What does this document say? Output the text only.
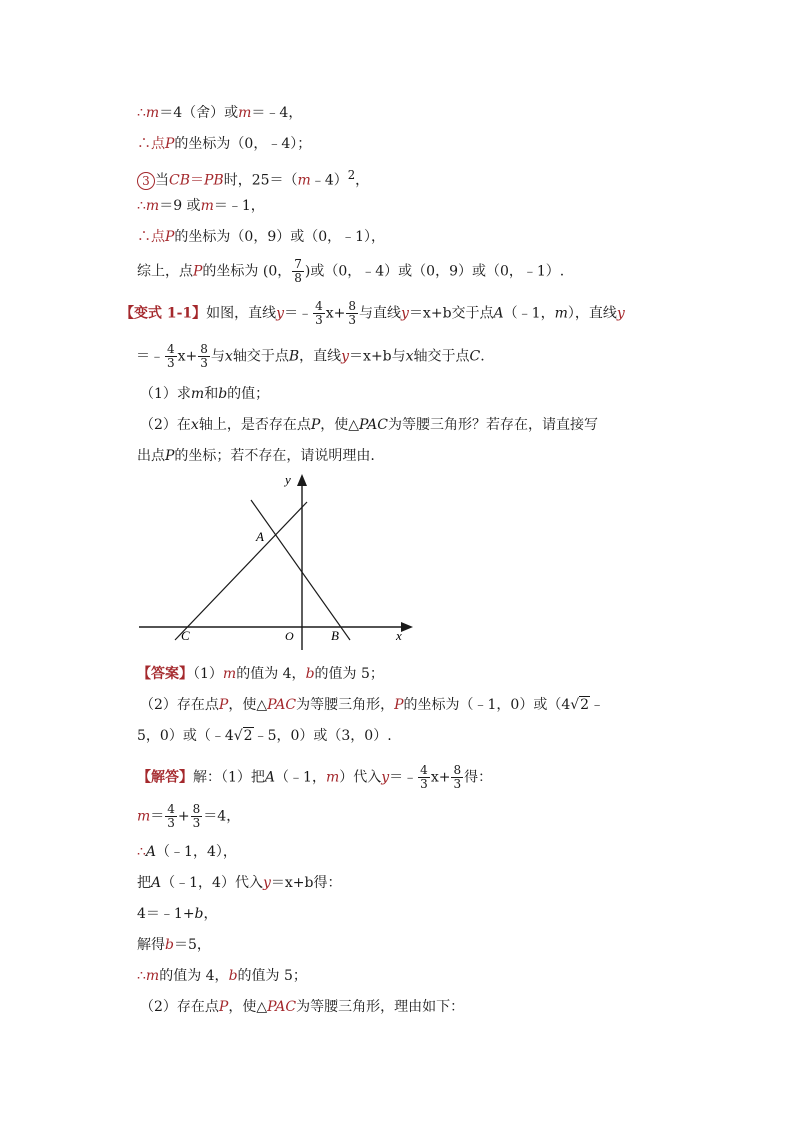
∴m＝4（舍）或m＝﹣4，
∴点P的坐标为（0，﹣4）；
3 当CB＝PB时，25＝（m﹣4）$^2$，
∴m＝9 或m＝﹣1，
∴点P的坐标为（0，9）或（0，﹣1），
综上，点P的坐标为 (0， $\frac{7}{8}$ )或（0，﹣4）或（0，9）或（0，﹣1）.
【变式 1-1】如图，直线y＝﹣ $\frac{4}{3} x+ \frac{8}{3}$ 与直线y＝x+b交于点A（﹣1，m），直线y
＝﹣ $\frac{4}{3} x+ \frac{8}{3}$ 与x轴交于点B，直线y＝x+b与x轴交于点C.
（1）求m和b的值；
（2）在x轴上，是否存在点P，使△PAC为等腰三角形？若存在，请直接写
出点P的坐标；若不存在，请说明理由.
y
x
A
O	B
C
【答案】（1）m的值为 4，b的值为 5；
（2）存在点P，使△PAC为等腰三角形，P的坐标为（﹣1，0）或（4√2﹣
5，0）或（﹣4√2﹣5，0）或（3，0）.
【解答】解：（1）把A（﹣1，m）代入y＝﹣ $\frac{4}{3} x+ \frac{8}{3}$ 得：
$m= \frac{4}{3} + \frac{8}{3} =4$，
∴A（﹣1，4），
把A（﹣1，4）代入y＝x+b得：
4＝﹣1+b，
解得b＝5，
∴m的值为 4，b的值为 5；
（2）存在点P，使△PAC为等腰三角形，理由如下：
